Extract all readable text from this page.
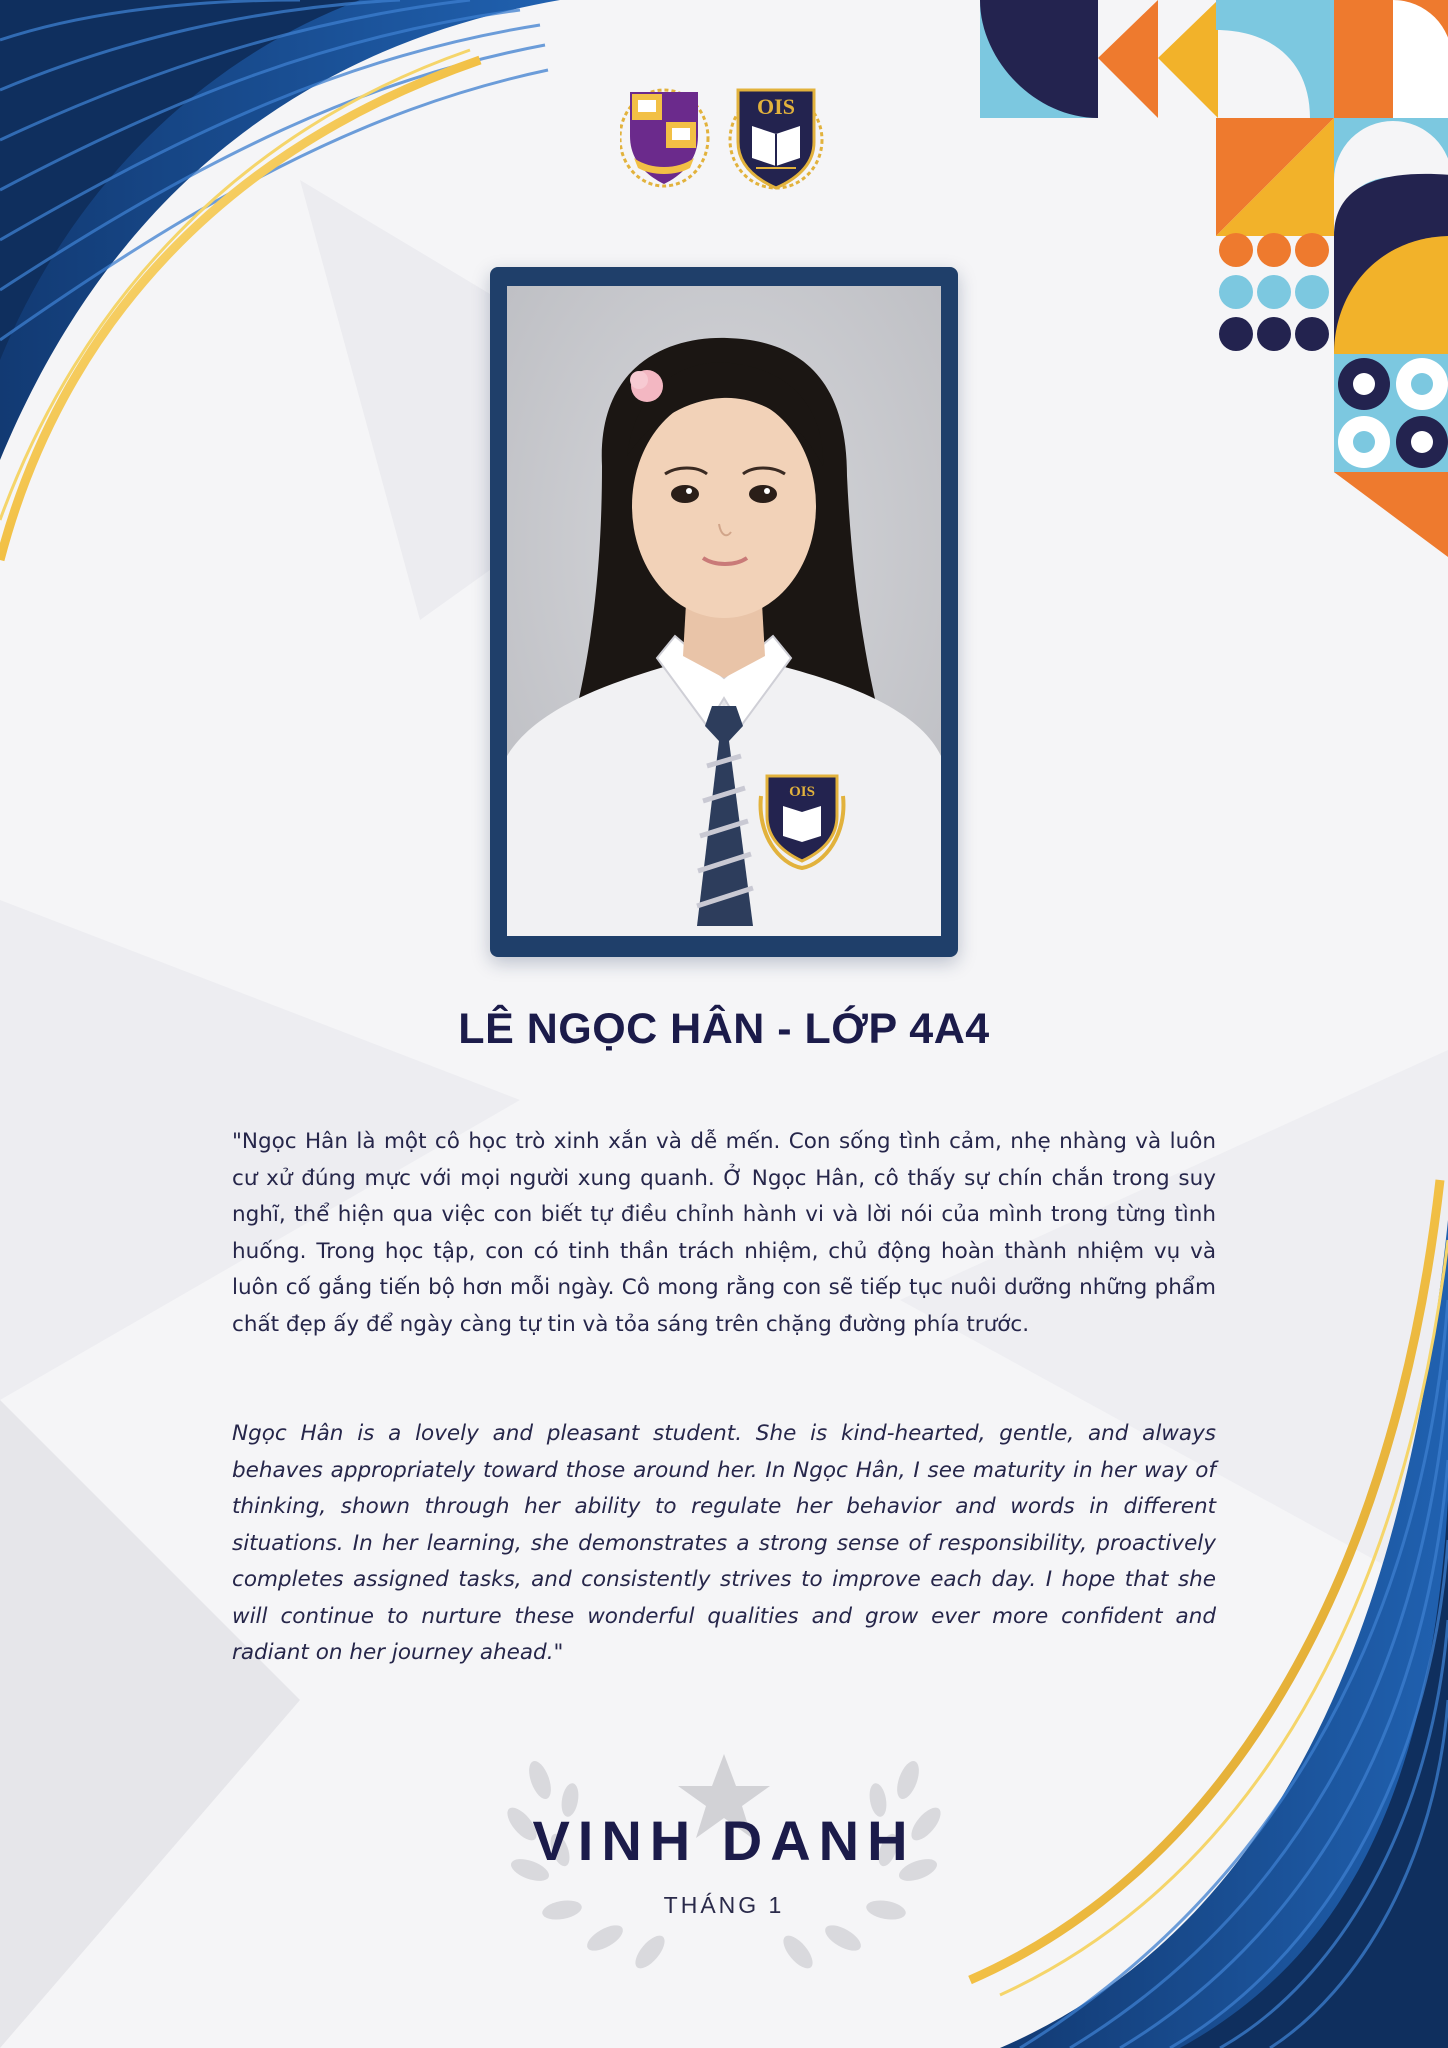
OIS
OIS
LÊ NGỌC HÂN - LỚP 4A4

"Ngọc Hân là một cô học trò xinh xắn và dễ mến. Con sống tình cảm, nhẹ nhàng và luôn cư xử đúng mực với mọi người xung quanh. Ở Ngọc Hân, cô thấy sự chín chắn trong suy nghĩ, thể hiện qua việc con biết tự điều chỉnh hành vi và lời nói của mình trong từng tình huống. Trong học tập, con có tinh thần trách nhiệm, chủ động hoàn thành nhiệm vụ và luôn cố gắng tiến bộ hơn mỗi ngày. Cô mong rằng con sẽ tiếp tục nuôi dưỡng những phẩm chất đẹp ấy để ngày càng tự tin và tỏa sáng trên chặng đường phía trước.

Ngọc Hân is a lovely and pleasant student. She is kind-hearted, gentle, and always behaves appropriately toward those around her. In Ngọc Hân, I see maturity in her way of thinking, shown through her ability to regulate her behavior and words in different situations. In her learning, she demonstrates a strong sense of responsibility, proactively completes assigned tasks, and consistently strives to improve each day. I hope that she will continue to nurture these wonderful qualities and grow ever more confident and radiant on her journey ahead."

VINH DANH
THÁNG 1
